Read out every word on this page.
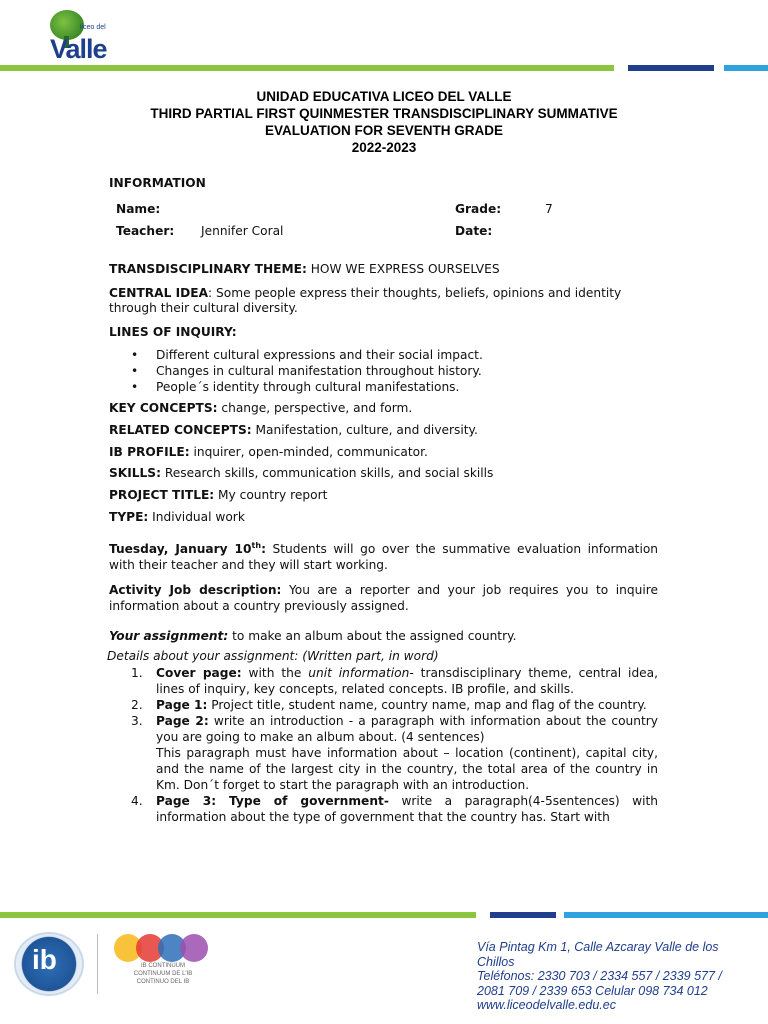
liceo del
Valle
UNIDAD EDUCATIVA LICEO DEL VALLE
THIRD PARTIAL FIRST QUINMESTER TRANSDISCIPLINARY SUMMATIVE
EVALUATION FOR SEVENTH GRADE
2022-2023
INFORMATION
Name:	Grade:	7
Teacher:	Jennifer Coral	Date:

TRANSDISCIPLINARY THEME: HOW WE EXPRESS OURSELVES

CENTRAL IDEA: Some people express their thoughts, beliefs, opinions and identity through their cultural diversity.

LINES OF INQUIRY:
• Different cultural expressions and their social impact.
• Changes in cultural manifestation throughout history.
• People´s identity through cultural manifestations.

KEY CONCEPTS: change, perspective, and form.

RELATED CONCEPTS: Manifestation, culture, and diversity.

IB PROFILE: inquirer, open-minded, communicator.

SKILLS: Research skills, communication skills, and social skills

PROJECT TITLE: My country report

TYPE: Individual work

Tuesday, January 10th: Students will go over the summative evaluation information with their teacher and they will start working.

Activity Job description: You are a reporter and your job requires you to inquire information about a country previously assigned.

Your assignment: to make an album about the assigned country.

Details about your assignment: (Written part, in word)
1. Cover page: with the unit information- transdisciplinary theme, central idea, lines of inquiry, key concepts, related concepts. IB profile, and skills.
2. Page 1: Project title, student name, country name, map and flag of the country.
3. Page 2: write an introduction - a paragraph with information about the country you are going to make an album about. (4 sentences)
This paragraph must have information about – location (continent), capital city, and the name of the largest city in the country, the total area of the country in Km. Don´t forget to start the paragraph with an introduction.
4. Page 3: Type of government- write a paragraph(4-5sentences) with information about the type of government that the country has. Start with
ib	IB CONTINUUM
CONTINUUM DE L'IB
CONTINUO DEL IB
Vía Pintag Km 1, Calle Azcaray Valle de los Chillos
Teléfonos: 2330 703 / 2334 557 / 2339 577 /
2081 709 / 2339 653 Celular 098 734 012
www.liceodelvalle.edu.ec
